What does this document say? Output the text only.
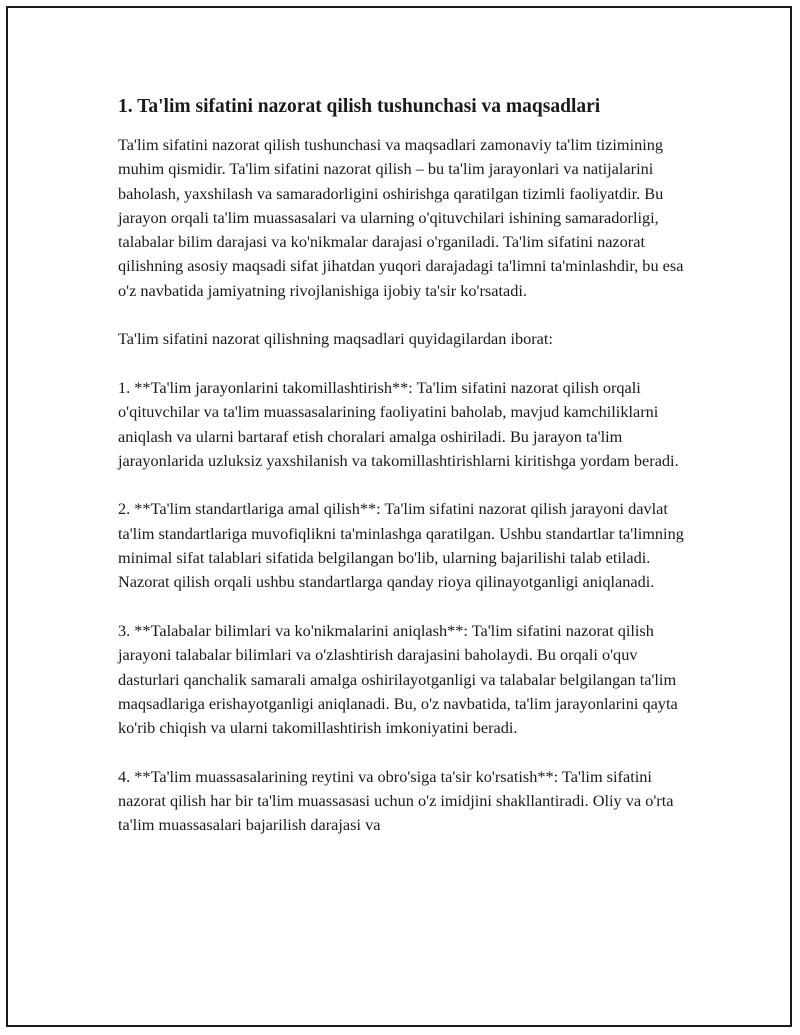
1. Ta'lim sifatini nazorat qilish tushunchasi va maqsadlari

Ta'lim sifatini nazorat qilish tushunchasi va maqsadlari zamonaviy ta'lim tizimining muhim qismidir. Ta'lim sifatini nazorat qilish – bu ta'lim jarayonlari va natijalarini baholash, yaxshilash va samaradorligini oshirishga qaratilgan tizimli faoliyatdir. Bu jarayon orqali ta'lim muassasalari va ularning o'qituvchilari ishining samaradorligi, talabalar bilim darajasi va ko'nikmalar darajasi o'rganiladi. Ta'lim sifatini nazorat qilishning asosiy maqsadi sifat jihatdan yuqori darajadagi ta'limni ta'minlashdir, bu esa o'z navbatida jamiyatning rivojlanishiga ijobiy ta'sir ko'rsatadi.

Ta'lim sifatini nazorat qilishning maqsadlari quyidagilardan iborat:

1. **Ta'lim jarayonlarini takomillashtirish**: Ta'lim sifatini nazorat qilish orqali o'qituvchilar va ta'lim muassasalarining faoliyatini baholab, mavjud kamchiliklarni aniqlash va ularni bartaraf etish choralari amalga oshiriladi. Bu jarayon ta'lim jarayonlarida uzluksiz yaxshilanish va takomillashtirishlarni kiritishga yordam beradi.

2. **Ta'lim standartlariga amal qilish**: Ta'lim sifatini nazorat qilish jarayoni davlat ta'lim standartlariga muvofiqlikni ta'minlashga qaratilgan. Ushbu standartlar ta'limning minimal sifat talablari sifatida belgilangan bo'lib, ularning bajarilishi talab etiladi. Nazorat qilish orqali ushbu standartlarga qanday rioya qilinayotganligi aniqlanadi.

3. **Talabalar bilimlari va ko'nikmalarini aniqlash**: Ta'lim sifatini nazorat qilish jarayoni talabalar bilimlari va o'zlashtirish darajasini baholaydi. Bu orqali o'quv dasturlari qanchalik samarali amalga oshirilayotganligi va talabalar belgilangan ta'lim maqsadlariga erishayotganligi aniqlanadi. Bu, o'z navbatida, ta'lim jarayonlarini qayta ko'rib chiqish va ularni takomillashtirish imkoniyatini beradi.

4. **Ta'lim muassasalarining reytini va obro'siga ta'sir ko'rsatish**: Ta'lim sifatini nazorat qilish har bir ta'lim muassasasi uchun o'z imidjini shakllantiradi. Oliy va o'rta ta'lim muassasalari bajarilish darajasi va
